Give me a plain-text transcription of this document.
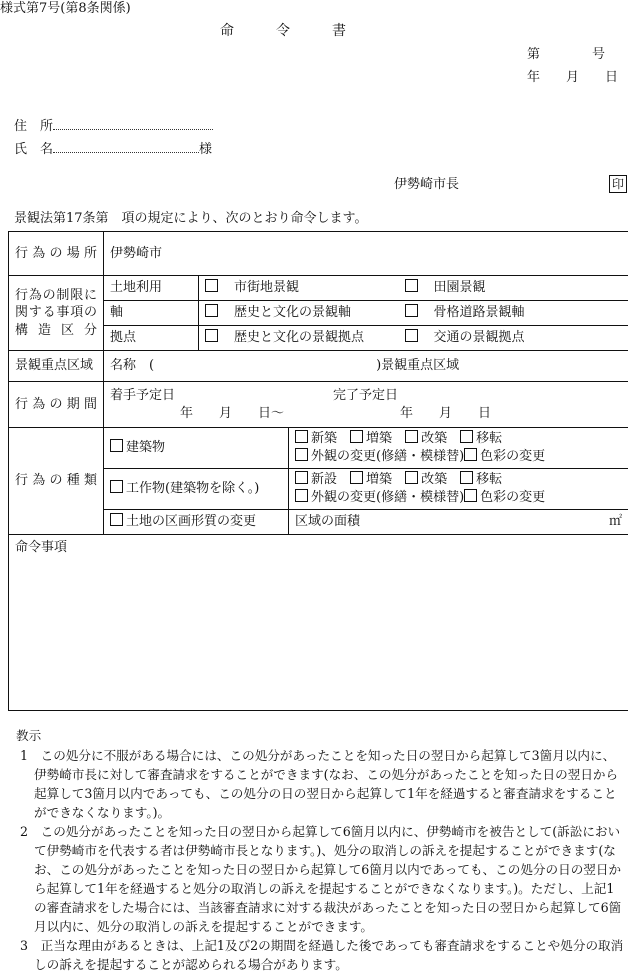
様式第7号(第8条関係)
命　　　令　　　書
第　　　　号
年　　月　　日
住　所
氏　名	様
伊勢崎市長	印
景観法第17条第　項の規定により、次のとおり命令します。
行為の場所	伊勢崎市			

行為の制限に
関する事項の
構造区分	土地利用	　市街地景観	　	田園景観
	軸	　歴史と文化の景観軸	　	骨格道路景観軸
	拠点	　歴史と文化の景観拠点	　	交通の景観拠点
景観重点区域	名称　( )景観重点区域			
行為の期間	着手予定日 完了予定日
年　　月　　日～ 年　　月　　日			

行為の種類	建築物		新築　 増築　 改築　 移転
外観の変更(修繕・模様替) 色彩の変更	

	工作物(建築物を除く。)		新設　 増築　 改築　 移転
外観の変更(修繕・模様替) 色彩の変更	

	土地の区画形質の変更		区域の面積 ㎡	

命令事項				
教示

1　この処分に不服がある場合には、この処分があったことを知った日の翌日から起算して3箇月以内に、伊勢崎市長に対して審査請求をすることができます(なお、この処分があったことを知った日の翌日から起算して3箇月以内であっても、この処分の日の翌日から起算して1年を経過すると審査請求をすることができなくなります。)。

2　この処分があったことを知った日の翌日から起算して6箇月以内に、伊勢崎市を被告として(訴訟において伊勢崎市を代表する者は伊勢崎市長となります。)、処分の取消しの訴えを提起することができます(なお、この処分があったことを知った日の翌日から起算して6箇月以内であっても、この処分の日の翌日から起算して1年を経過すると処分の取消しの訴えを提起することができなくなります。)。ただし、上記1の審査請求をした場合には、当該審査請求に対する裁決があったことを知った日の翌日から起算して6箇月以内に、処分の取消しの訴えを提起することができます。

3　正当な理由があるときは、上記1及び2の期間を経過した後であっても審査請求をすることや処分の取消しの訴えを提起することが認められる場合があります。
